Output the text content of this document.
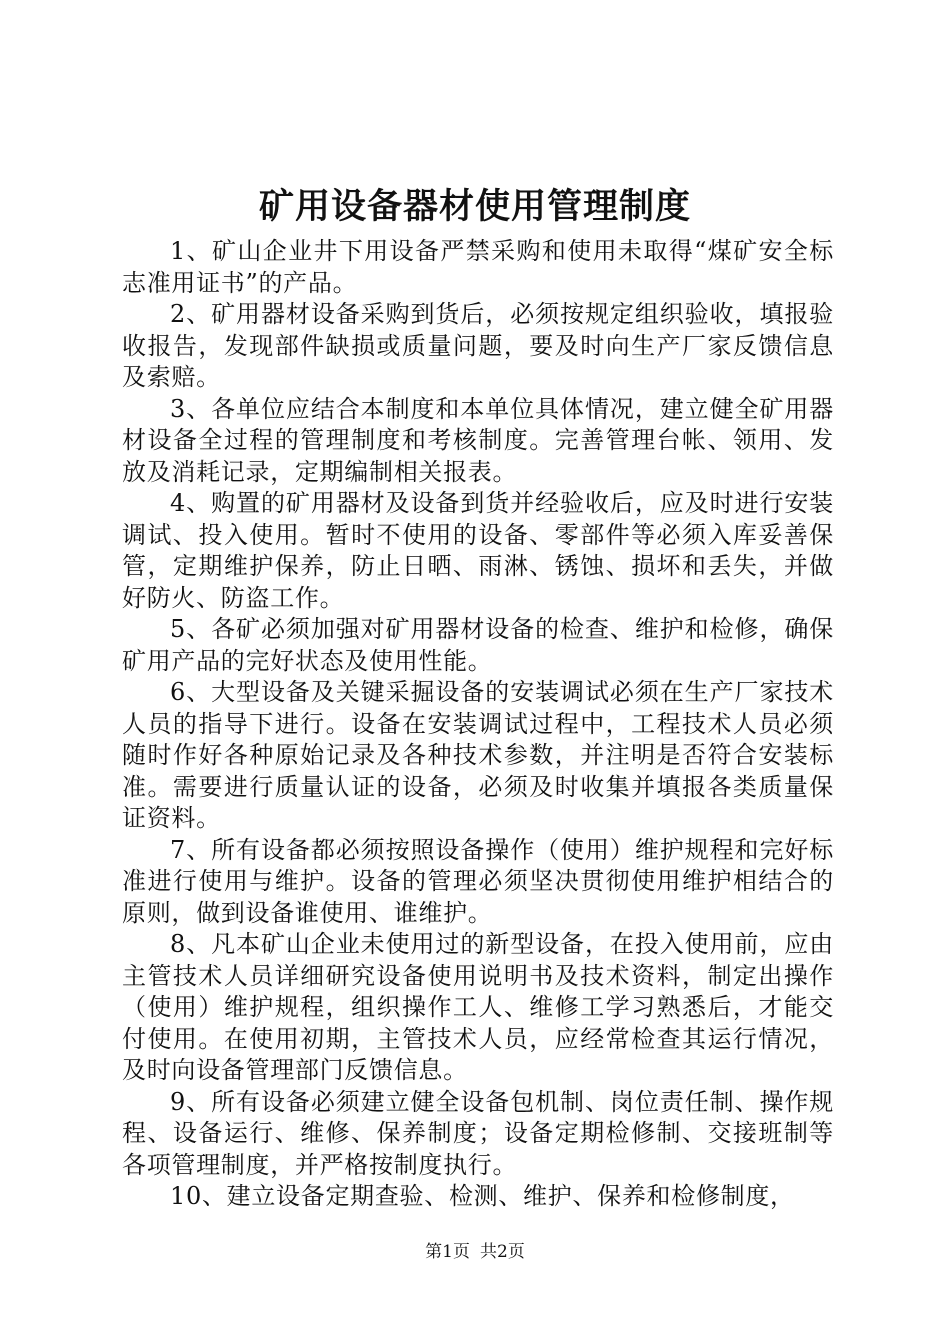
矿用设备器材使用管理制度

1、矿山企业井下用设备严禁采购和使用未取得“煤矿安全标志准用证书”的产品。

2、矿用器材设备采购到货后，必须按规定组织验收，填报验收报告，发现部件缺损或质量问题，要及时向生产厂家反馈信息及索赔。

3、各单位应结合本制度和本单位具体情况，建立健全矿用器材设备全过程的管理制度和考核制度。完善管理台帐、领用、发放及消耗记录，定期编制相关报表。

4、购置的矿用器材及设备到货并经验收后，应及时进行安装调试、投入使用。暂时不使用的设备、零部件等必须入库妥善保管，定期维护保养，防止日晒、雨淋、锈蚀、损坏和丢失，并做好防火、防盗工作。

5、各矿必须加强对矿用器材设备的检查、维护和检修，确保矿用产品的完好状态及使用性能。

6、大型设备及关键采掘设备的安装调试必须在生产厂家技术人员的指导下进行。设备在安装调试过程中，工程技术人员必须随时作好各种原始记录及各种技术参数，并注明是否符合安装标准。需要进行质量认证的设备，必须及时收集并填报各类质量保证资料。

7、所有设备都必须按照设备操作（使用）维护规程和完好标准进行使用与维护。设备的管理必须坚决贯彻使用维护相结合的原则，做到设备谁使用、谁维护。

8、凡本矿山企业未使用过的新型设备，在投入使用前，应由主管技术人员详细研究设备使用说明书及技术资料，制定出操作（使用）维护规程，组织操作工人、维修工学习熟悉后，才能交付使用。在使用初期，主管技术人员，应经常检查其运行情况，及时向设备管理部门反馈信息。

9、所有设备必须建立健全设备包机制、岗位责任制、操作规程、设备运行、维修、保养制度；设备定期检修制、交接班制等各项管理制度，并严格按制度执行。

10、建立设备定期查验、检测、维护、保养和检修制度，

第1页 共2页
